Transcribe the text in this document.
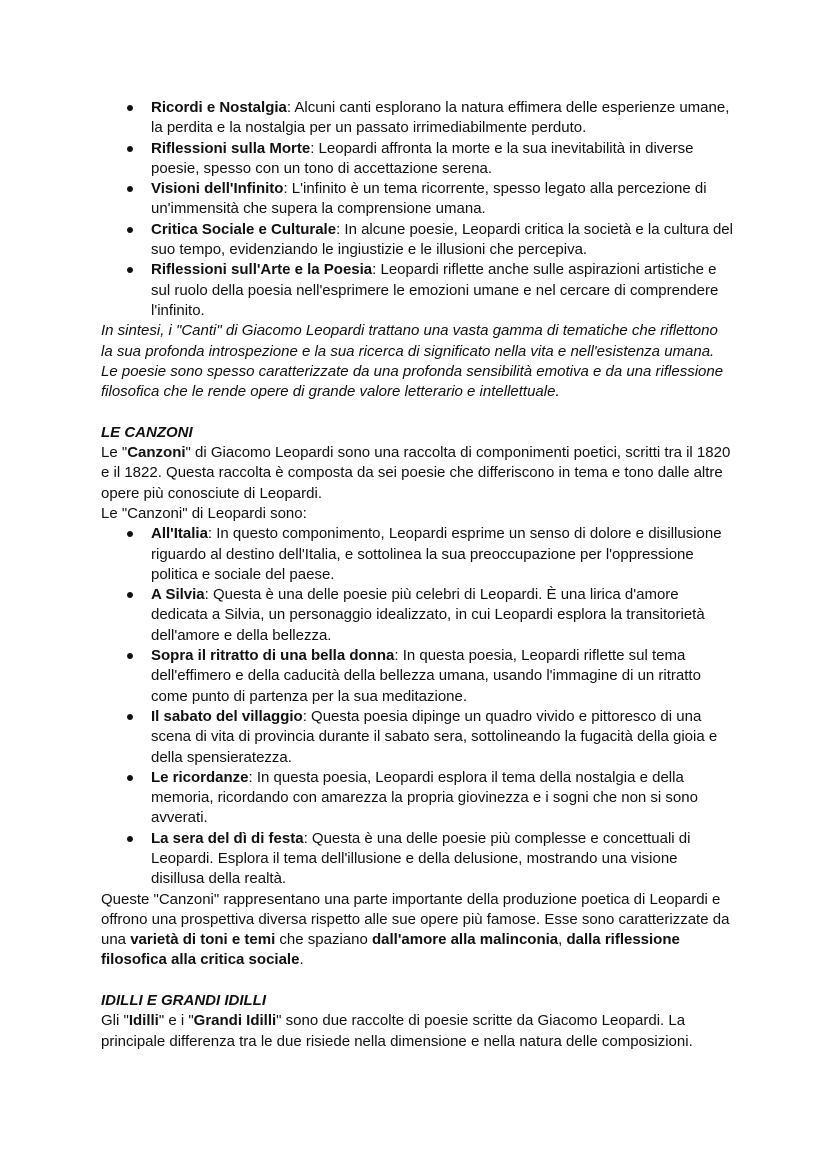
Ricordi e Nostalgia: Alcuni canti esplorano la natura effimera delle esperienze umane, la perdita e la nostalgia per un passato irrimediabilmente perduto.
Riflessioni sulla Morte: Leopardi affronta la morte e la sua inevitabilità in diverse poesie, spesso con un tono di accettazione serena.
Visioni dell'Infinito: L'infinito è un tema ricorrente, spesso legato alla percezione di un'immensità che supera la comprensione umana.
Critica Sociale e Culturale: In alcune poesie, Leopardi critica la società e la cultura del suo tempo, evidenziando le ingiustizie e le illusioni che percepiva.
Riflessioni sull'Arte e la Poesia: Leopardi riflette anche sulle aspirazioni artistiche e sul ruolo della poesia nell'esprimere le emozioni umane e nel cercare di comprendere l'infinito.

In sintesi, i "Canti" di Giacomo Leopardi trattano una vasta gamma di tematiche che riflettono la sua profonda introspezione e la sua ricerca di significato nella vita e nell'esistenza umana. Le poesie sono spesso caratterizzate da una profonda sensibilità emotiva e da una riflessione filosofica che le rende opere di grande valore letterario e intellettuale.

LE CANZONI

Le "Canzoni" di Giacomo Leopardi sono una raccolta di componimenti poetici, scritti tra il 1820 e il 1822. Questa raccolta è composta da sei poesie che differiscono in tema e tono dalle altre opere più conosciute di Leopardi.

Le "Canzoni" di Leopardi sono:

All'Italia: In questo componimento, Leopardi esprime un senso di dolore e disillusione riguardo al destino dell'Italia, e sottolinea la sua preoccupazione per l'oppressione politica e sociale del paese.
A Silvia: Questa è una delle poesie più celebri di Leopardi. È una lirica d'amore dedicata a Silvia, un personaggio idealizzato, in cui Leopardi esplora la transitorietà dell'amore e della bellezza.
Sopra il ritratto di una bella donna: In questa poesia, Leopardi riflette sul tema dell'effimero e della caducità della bellezza umana, usando l'immagine di un ritratto come punto di partenza per la sua meditazione.
Il sabato del villaggio: Questa poesia dipinge un quadro vivido e pittoresco di una scena di vita di provincia durante il sabato sera, sottolineando la fugacità della gioia e della spensieratezza.
Le ricordanze: In questa poesia, Leopardi esplora il tema della nostalgia e della memoria, ricordando con amarezza la propria giovinezza e i sogni che non si sono avverati.
La sera del dì di festa: Questa è una delle poesie più complesse e concettuali di Leopardi. Esplora il tema dell'illusione e della delusione, mostrando una visione disillusa della realtà.

Queste "Canzoni" rappresentano una parte importante della produzione poetica di Leopardi e offrono una prospettiva diversa rispetto alle sue opere più famose. Esse sono caratterizzate da una varietà di toni e temi che spaziano dall'amore alla malinconia, dalla riflessione filosofica alla critica sociale.

IDILLI E GRANDI IDILLI

Gli "Idilli" e i "Grandi Idilli" sono due raccolte di poesie scritte da Giacomo Leopardi. La principale differenza tra le due risiede nella dimensione e nella natura delle composizioni.
